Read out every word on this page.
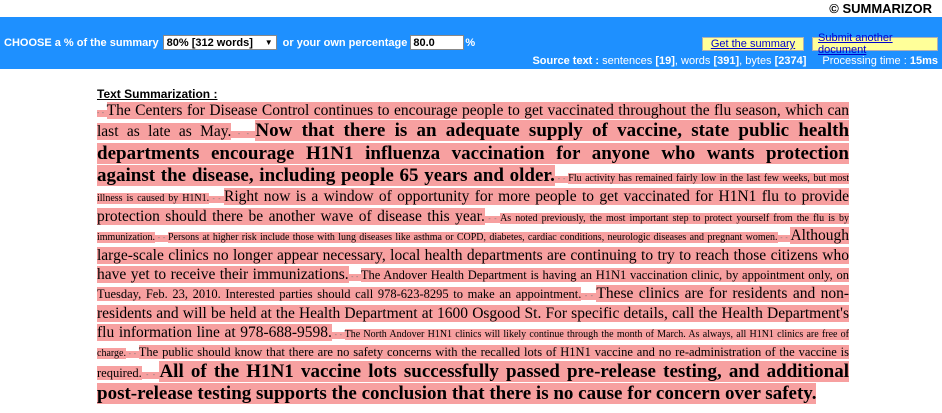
© SUMMARIZOR
CHOOSE a % of the summary 80% [312 words] ▼ or your own percentage 80.0	%	Get the summary	Submit another document
Source text :
sentences
[19] , words
[391] , bytes
[2374] Processing time :
15ms

Text Summarization :

- - The Centers for Disease Control continues to encourage people to get vaccinated throughout the flu season, which can last as late as May. - - Now that there is an adequate supply of vaccine, state public health departments encourage H1N1 influenza vaccination for anyone who wants protection against the disease, including people 65 years and older. - - Flu activity has remained fairly low in the last few weeks, but most illness is caused by H1N1. - - Right now is a window of opportunity for more people to get vaccinated for H1N1 flu to provide protection should there be another wave of disease this year. - - As noted previously, the most important step to protect yourself from the flu is by immunization. - - Persons at higher risk include those with lung diseases like asthma or COPD, diabetes, cardiac conditions, neurologic diseases and pregnant women. - - Although large-scale clinics no longer appear necessary, local health departments are continuing to try to reach those citizens who have yet to receive their immunizations. - - The Andover Health Department is having an H1N1 vaccination clinic, by appointment only, on Tuesday, Feb. 23, 2010. Interested parties should call 978-623-8295 to make an appointment. - - These clinics are for residents and non-residents and will be held at the Health Department at 1600 Osgood St. For specific details, call the Health Department's flu information line at 978-688-9598. - - The North Andover H1N1 clinics will likely continue through the month of March. As always, all H1N1 clinics are free of charge. - - The public should know that there are no safety concerns with the recalled lots of H1N1 vaccine and no re-administration of the vaccine is required. - - All of the H1N1 vaccine lots successfully passed pre-release testing, and additional post-release testing supports the conclusion that there is no cause for concern over safety.
